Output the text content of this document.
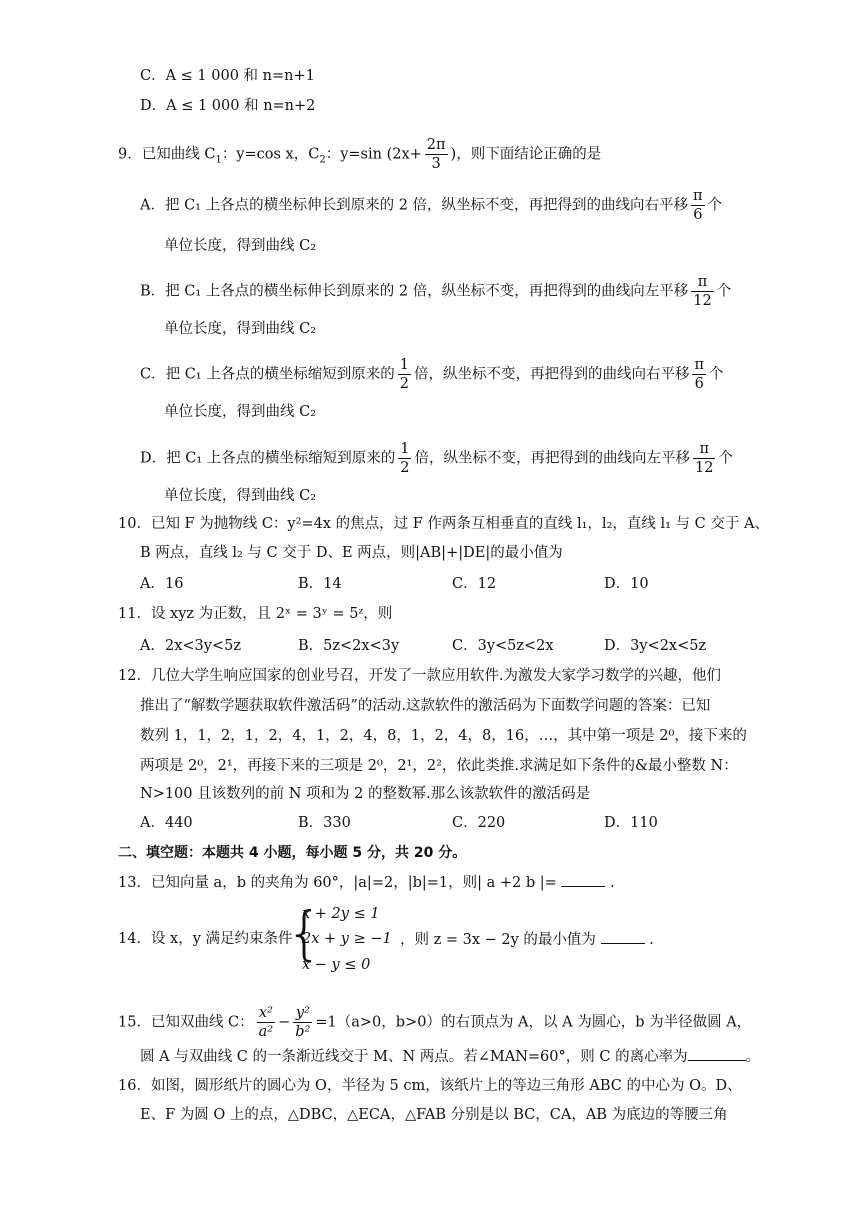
C．A ≤ 1 000 和 n=n+1
D．A ≤ 1 000 和 n=n+2
9．已知曲线 $C_1$：y=cos x，$C_2$：y=sin ($2x+ \frac{2\pi}{3}$ )，则下面结论正确的是
A．把 C₁ 上各点的横坐标伸长到原来的 2 倍，纵坐标不变，再把得到的曲线向右平移 $\frac{\pi}{6}$ 个
单位长度，得到曲线 C₂
B．把 C₁ 上各点的横坐标伸长到原来的 2 倍，纵坐标不变，再把得到的曲线向左平移 $\frac{\pi}{12}$ 个
单位长度，得到曲线 C₂
C．把 C₁ 上各点的横坐标缩短到原来的 $\frac{1}{2}$ 倍，纵坐标不变，再把得到的曲线向右平移 $\frac{\pi}{6}$ 个
单位长度，得到曲线 C₂
D．把 C₁ 上各点的横坐标缩短到原来的 $\frac{1}{2}$ 倍，纵坐标不变，再把得到的曲线向左平移 $\frac{\pi}{12}$ 个
单位长度，得到曲线 C₂
10．已知 F 为抛物线 C：y²=4x 的焦点，过 F 作两条互相垂直的直线 l₁，l₂，直线 l₁ 与 C 交于 A、
B 两点，直线 l₂ 与 C 交于 D、E 两点，则|AB|+|DE|的最小值为
A．16	B．14	C．12	D．10
11．设 xyz 为正数，且 2ˣ = 3ʸ = 5ᶻ，则
A．2x<3y<5z	B．5z<2x<3y	C．3y<5z<2x	D．3y<2x<5z
12．几位大学生响应国家的创业号召，开发了一款应用软件.为激发大家学习数学的兴趣，他们
推出了“解数学题获取软件激活码”的活动.这款软件的激活码为下面数学问题的答案：已知
数列 1，1，2，1，2，4，1，2，4，8，1，2，4，8，16，…，其中第一项是 2⁰，接下来的
两项是 2⁰，2¹，再接下来的三项是 2⁰，2¹，2²，依此类推.求满足如下条件的&最小整数 N：
N>100 且该数列的前 N 项和为 2 的整数幂.那么该款软件的激活码是
A．440	B．330	C．220	D．110
二、填空题：本题共 4 小题，每小题 5 分，共 20 分。
13．已知向量 a，b 的夹角为 60°，|a|=2，|b|=1，则| a +2 b |=	.
14．设 x，y 满足约束条件
{
x + 2y ≤ 1
2x + y ≥ −1
x − y ≤ 0
，则 z = 3x − 2y 的最小值为	.
15．已知双曲线 C： $\frac{\text{x²}}{\text{a²}} - \frac{\text{y²}}{\text{b²}} =1(a>0$，b>0）的右顶点为 A，以 A 为圆心，b 为半径做圆 A，
圆 A 与双曲线 C 的一条渐近线交于 M、N 两点。若∠MAN=60°，则 C 的离心率为	。
16．如图，圆形纸片的圆心为 O，半径为 5 cm，该纸片上的等边三角形 ABC 的中心为 O。D、
E、F 为圆 O 上的点，△DBC，△ECA，△FAB 分别是以 BC，CA，AB 为底边的等腰三角
